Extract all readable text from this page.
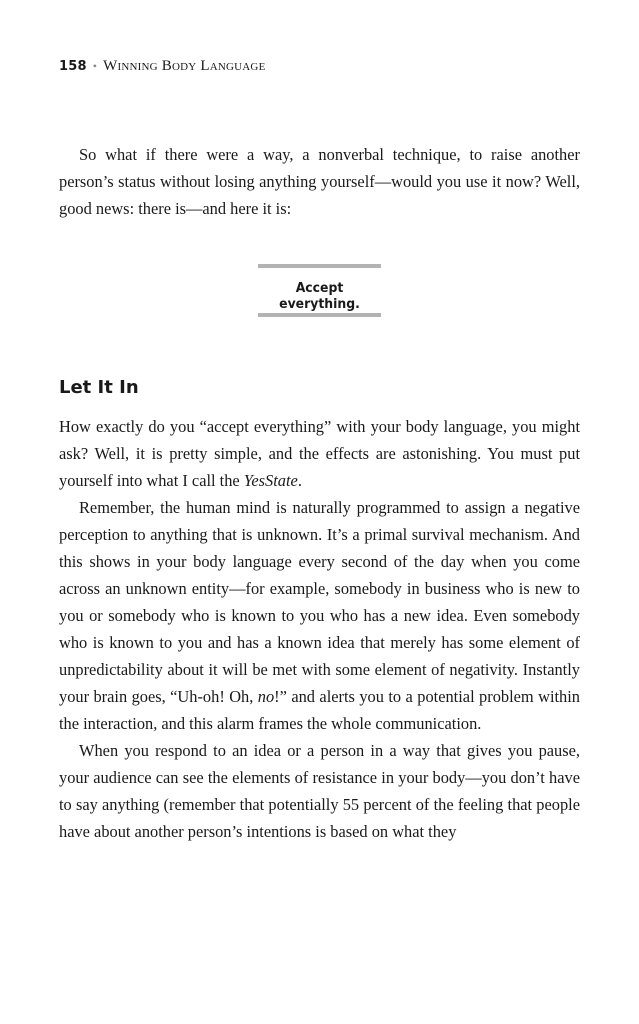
158 • Winning Body Language

So what if there were a way, a nonverbal technique, to raise another person’s status without losing anything yourself—would you use it now? Well, good news: there is—and here it is:

Accept everything.
Let It In

How exactly do you “accept everything” with your body language, you might ask? Well, it is pretty simple, and the effects are astonishing. You must put yourself into what I call the YesState.

Remember, the human mind is naturally programmed to assign a negative perception to anything that is unknown. It’s a primal survival mechanism. And this shows in your body language every second of the day when you come across an unknown entity—for example, somebody in business who is new to you or somebody who is known to you who has a new idea. Even somebody who is known to you and has a known idea that merely has some element of unpredictability about it will be met with some element of negativity. Instantly your brain goes, “Uh-oh! Oh, no!” and alerts you to a potential problem within the interaction, and this alarm frames the whole communication.

When you respond to an idea or a person in a way that gives you pause, your audience can see the elements of resistance in your body—you don’t have to say anything (remember that potentially 55 percent of the feeling that people have about another person’s intentions is based on what they
